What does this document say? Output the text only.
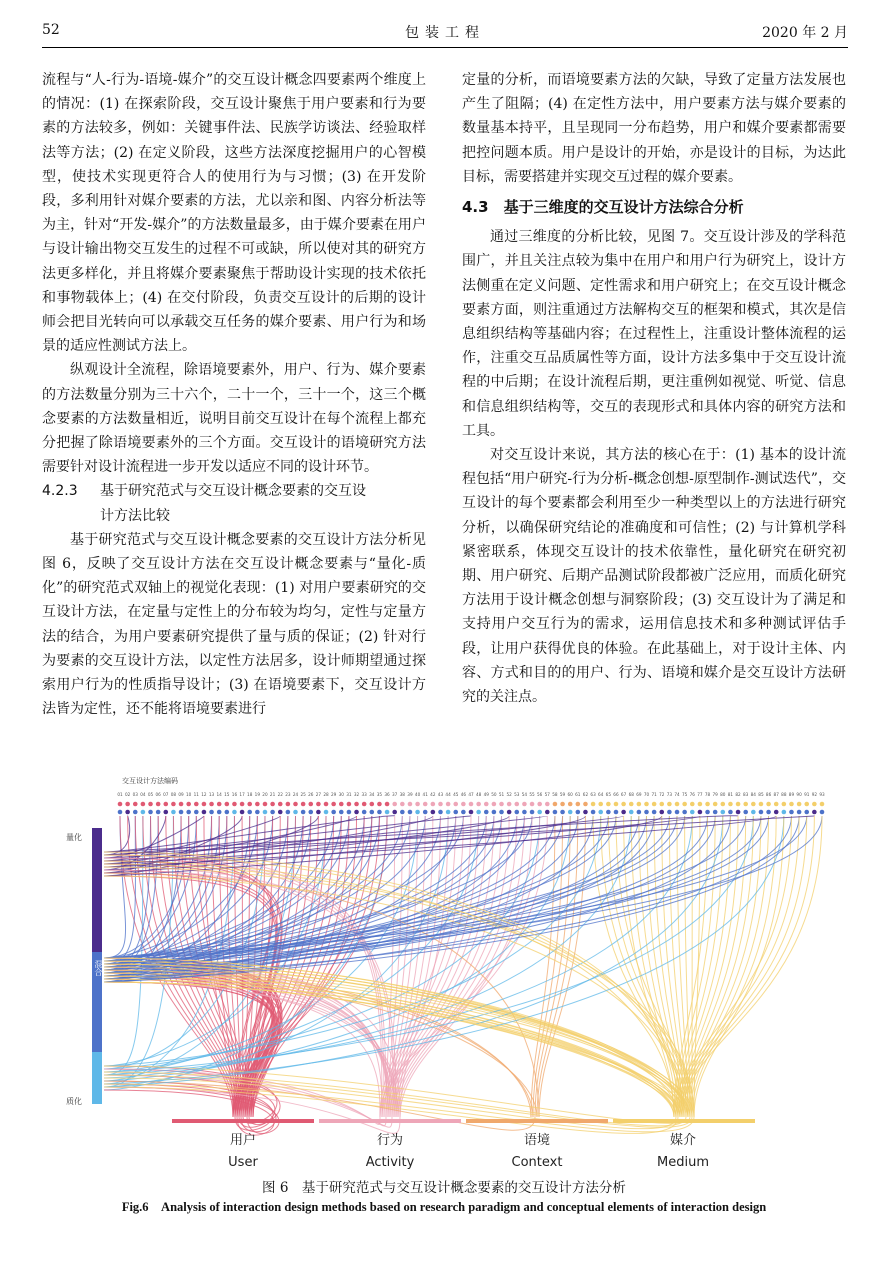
52	包装工程	2020 年 2 月

流程与“人-行为-语境-媒介”的交互设计概念四要素两个维度上的情况：(1) 在探索阶段，交互设计聚焦于用户要素和行为要素的方法较多，例如：关键事件法、民族学访谈法、经验取样法等方法；(2) 在定义阶段，这些方法深度挖掘用户的心智模型，使技术实现更符合人的使用行为与习惯；(3) 在开发阶段，多利用针对媒介要素的方法，尤以亲和图、内容分析法等为主，针对“开发-媒介”的方法数量最多，由于媒介要素在用户与设计输出物交互发生的过程不可或缺，所以使对其的研究方法更多样化，并且将媒介要素聚焦于帮助设计实现的技术依托和事物载体上；(4) 在交付阶段，负责交互设计的后期的设计师会把目光转向可以承载交互任务的媒介要素、用户行为和场景的适应性测试方法上。

纵观设计全流程，除语境要素外，用户、行为、媒介要素的方法数量分别为三十六个，二十一个，三十一个，这三个概念要素的方法数量相近，说明目前交互设计在每个流程上都充分把握了除语境要素外的三个方面。交互设计的语境研究方法需要针对设计流程进一步开发以适应不同的设计环节。

4.2.3 基于研究范式与交互设计概念要素的交互设
计方法比较

基于研究范式与交互设计概念要素的交互设计方法分析见图 6，反映了交互设计方法在交互设计概念要素与“量化-质化”的研究范式双轴上的视觉化表现：(1) 对用户要素研究的交互设计方法，在定量与定性上的分布较为均匀，定性与定量方法的结合，为用户要素研究提供了量与质的保证；(2) 针对行为要素的交互设计方法，以定性方法居多，设计师期望通过探索用户行为的性质指导设计；(3) 在语境要素下，交互设计方法皆为定性，还不能将语境要素进行

定量的分析，而语境要素方法的欠缺，导致了定量方法发展也产生了阻隔；(4) 在定性方法中，用户要素方法与媒介要素的数量基本持平，且呈现同一分布趋势，用户和媒介要素都需要把控问题本质。用户是设计的开始，亦是设计的目标，为达此目标，需要搭建并实现交互过程的媒介要素。

4.3　基于三维度的交互设计方法综合分析

通过三维度的分析比较，见图 7。交互设计涉及的学科范围广，并且关注点较为集中在用户和用户行为研究上，设计方法侧重在定义问题、定性需求和用户研究上；在交互设计概念要素方面，则注重通过方法解构交互的框架和模式，其次是信息组织结构等基础内容；在过程性上，注重设计整体流程的运作，注重交互品质属性等方面，设计方法多集中于交互设计流程的中后期；在设计流程后期，更注重例如视觉、听觉、信息和信息组织结构等，交互的表现形式和具体内容的研究方法和工具。

对交互设计来说，其方法的核心在于：(1) 基本的设计流程包括“用户研究-行为分析-概念创想-原型制作-测试迭代”，交互设计的每个要素都会利用至少一种类型以上的方法进行研究分析，以确保研究结论的准确度和可信性；(2) 与计算机学科紧密联系，体现交互设计的技术依靠性，量化研究在研究初期、用户研究、后期产品测试阶段都被广泛应用，而质化研究方法用于设计概念创想与洞察阶段；(3) 交互设计为了满足和支持用户交互行为的需求，运用信息技术和多种测试评估手段，让用户获得优良的体验。在此基础上，对于设计主体、内容、方式和目的的用户、行为、语境和媒介是交互设计方法研究的关注点。

01 02 03 04 05 06 07 08 09 10 11 12 13 14 15 16 17 18 19 20 21 22 23 24 25 26 27 28 29 30 31 32 33 34 35 36 37 38 39 40 41 42 43 44 45 46 47 48 49 50 51 52 53 54 55 56 57 58 59 60 61 62 63 64 65 66 67 68 69 70 71 72 73 74 75 76 77 78 79 80 81 82 83 84 85 86 87 88 89 90 91 92 93
交互设计方法编码
量化
混合
质化
用户
User
行为
Activity
语境
Context
媒介
Medium
图 6　基于研究范式与交互设计概念要素的交互设计方法分析
Fig.6　Analysis of interaction design methods based on research paradigm and conceptual elements of interaction design
